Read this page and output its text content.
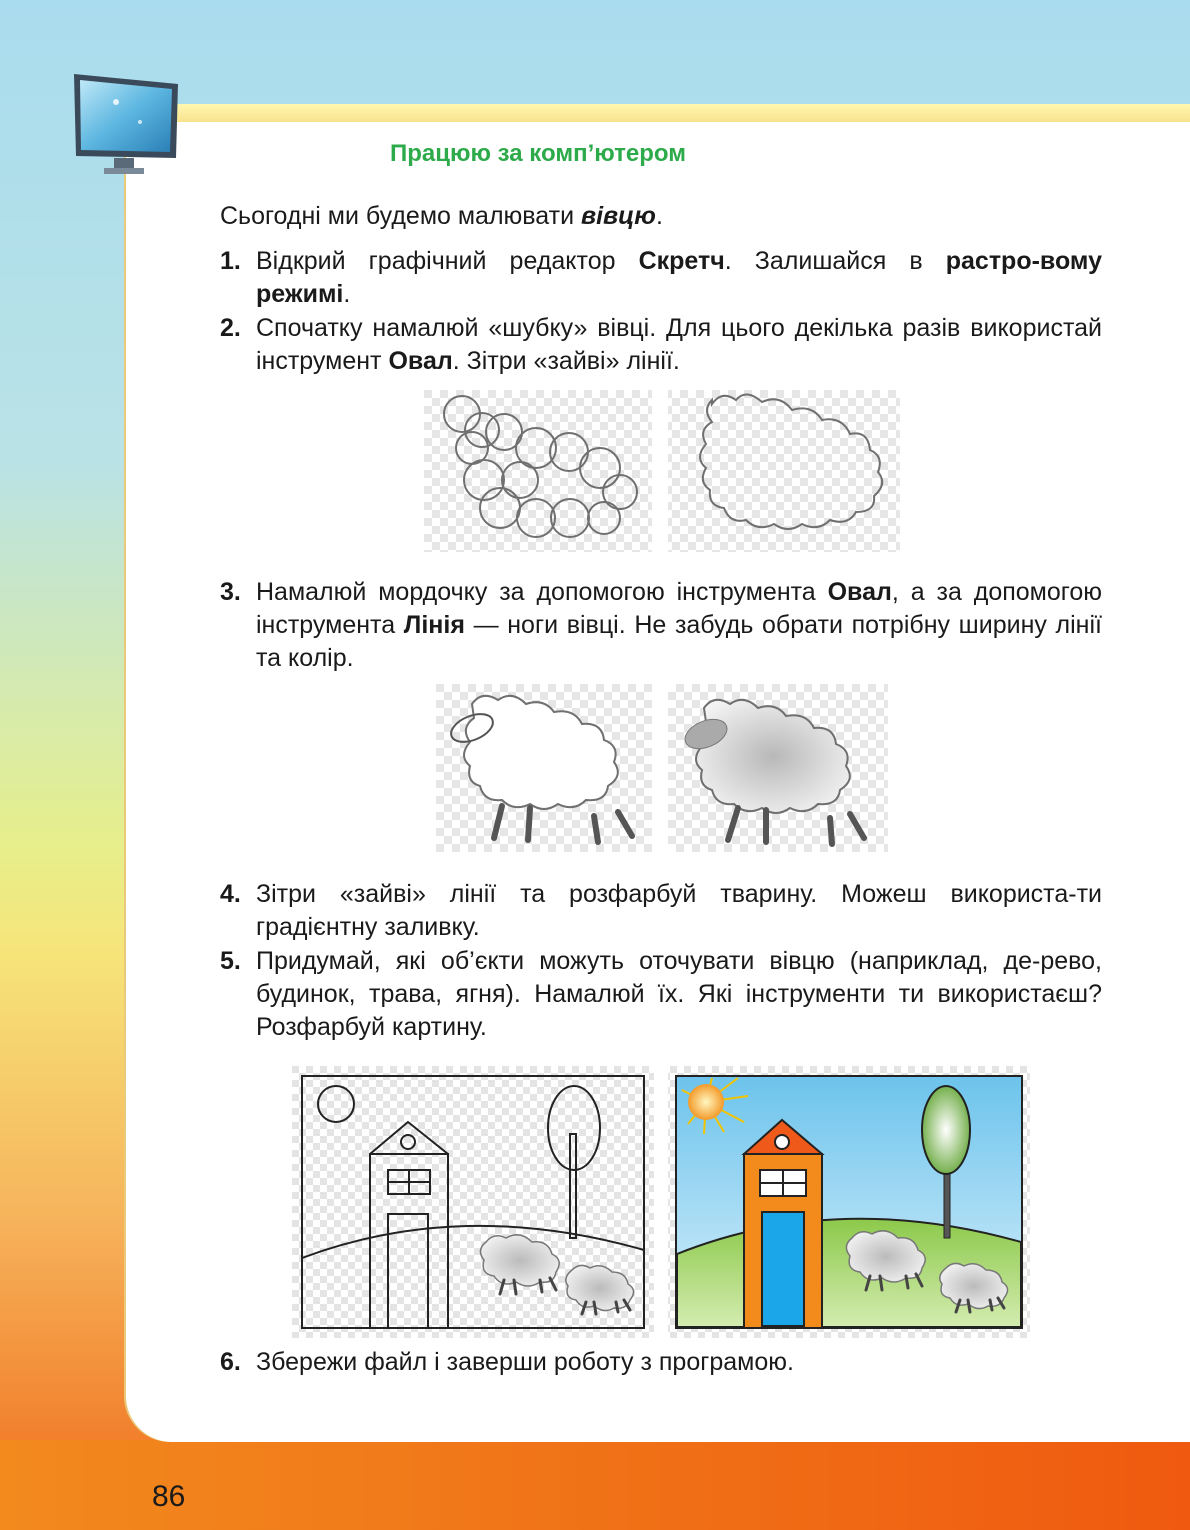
Працюю за комп’ютером
Сьогодні ми будемо малювати вівцю.
1. Відкрий графічний редактор Скретч. Залишайся в растро-вому режимі.
2. Спочатку намалюй «шубку» вівці. Для цього декілька разів використай інструмент Овал. Зітри «зайві» лінії.
3. Намалюй мордочку за допомогою інструмента Овал, а за допомогою інструмента Лінія — ноги вівці. Не забудь обрати потрібну ширину лінії та колір.
4. Зітри «зайві» лінії та розфарбуй тварину. Можеш використа-ти градієнтну заливку.
5. Придумай, які об’єкти можуть оточувати вівцю (наприклад, де-рево, будинок, трава, ягня). Намалюй їх. Які інструменти ти використаєш? Розфарбуй картину.
6. Збережи файл і заверши роботу з програмою.
86
